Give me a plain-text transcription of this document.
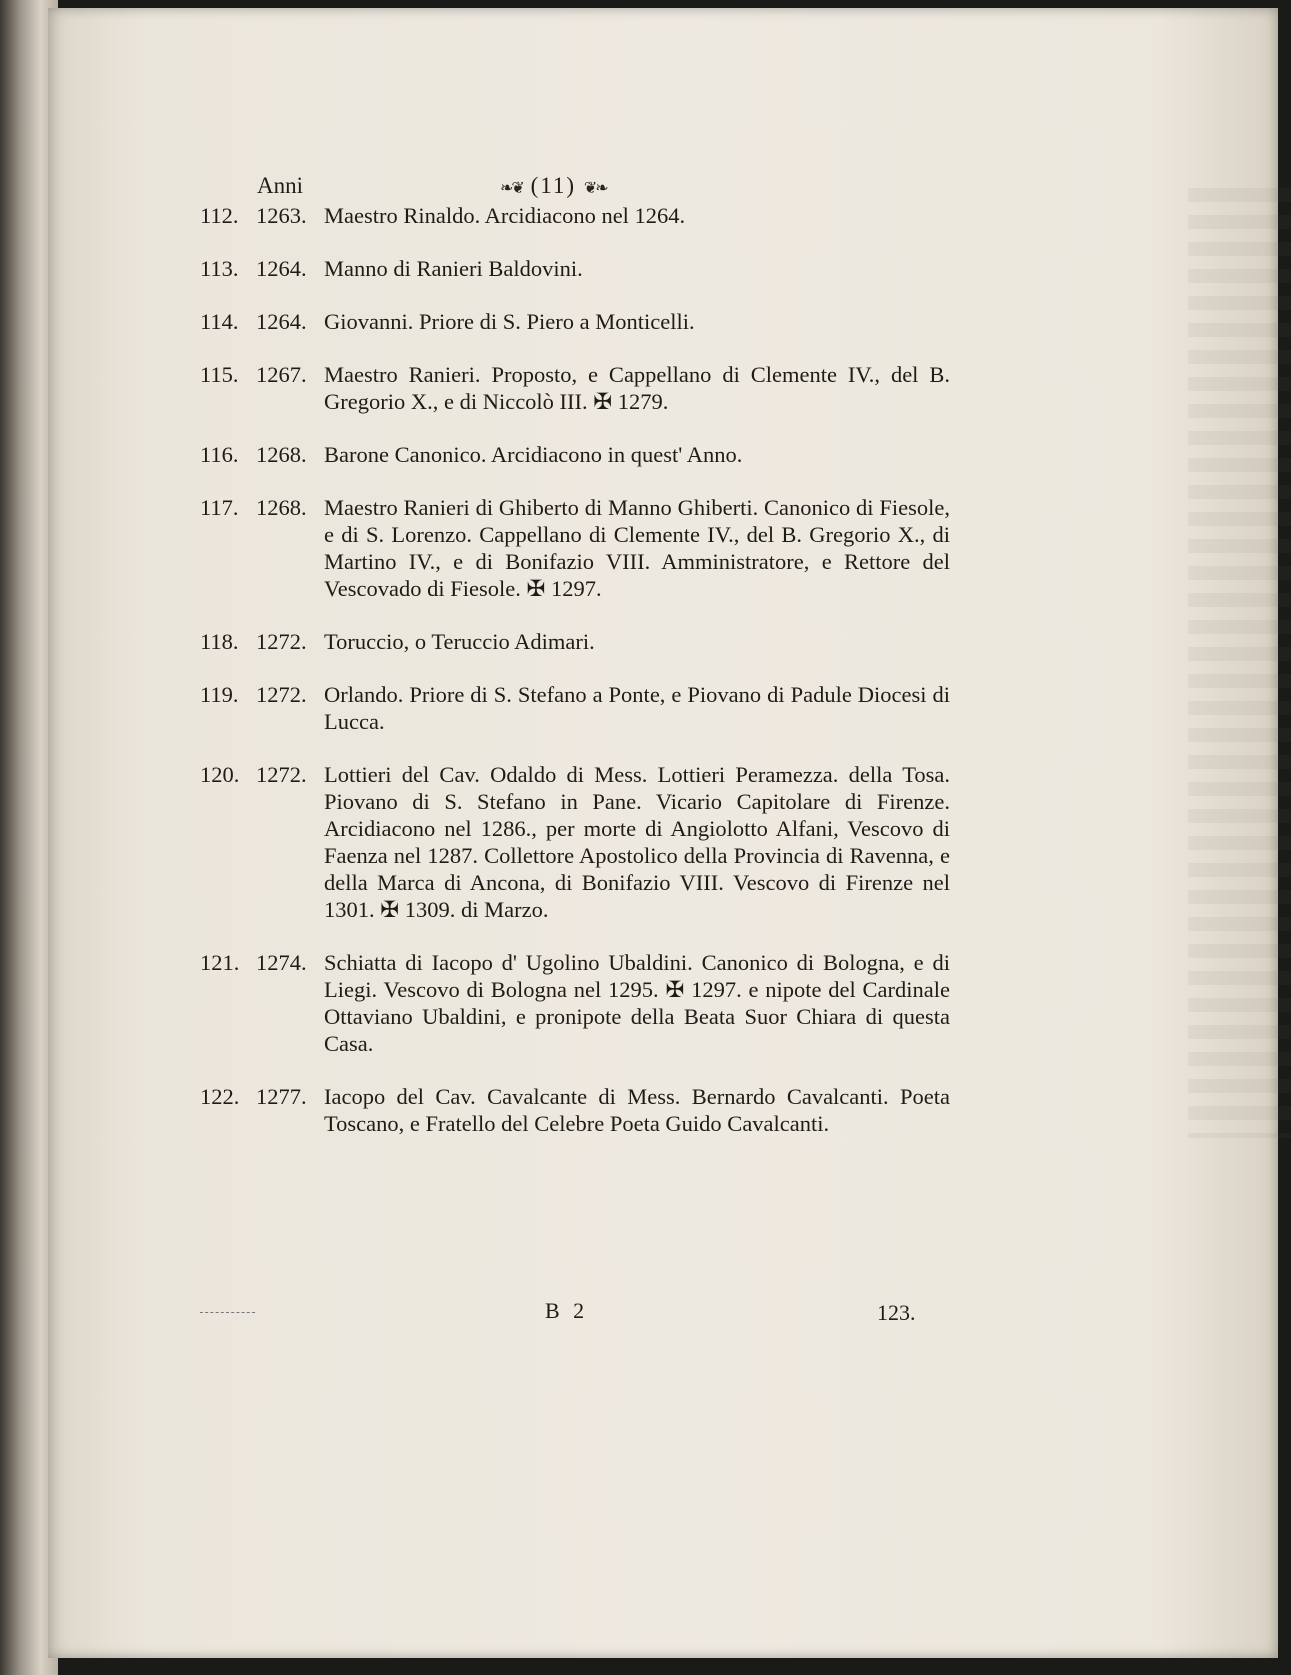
Anni	❧❦ (11) ❦❧
112. 1263. Maestro Rinaldo. Arcidiacono nel 1264.
113. 1264. Manno di Ranieri Baldovini.
114. 1264. Giovanni. Priore di S. Piero a Monticelli.
115. 1267. Maestro Ranieri. Proposto, e Cappellano di Clemente IV., del B. Gregorio X., e di Niccolò III. ✠ 1279.
116. 1268. Barone Canonico. Arcidiacono in quest' Anno.
117. 1268. Maestro Ranieri di Ghiberto di Manno Ghiberti. Canonico di Fiesole, e di S. Lorenzo. Cappellano di Clemente IV., del B. Gregorio X., di Martino IV., e di Bonifazio VIII. Amministratore, e Rettore del Vescovado di Fiesole. ✠ 1297.
118. 1272. Toruccio, o Teruccio Adimari.
119. 1272. Orlando. Priore di S. Stefano a Ponte, e Piovano di Padule Diocesi di Lucca.
120. 1272. Lottieri del Cav. Odaldo di Mess. Lottieri Peramezza. della Tosa. Piovano di S. Stefano in Pane. Vicario Capitolare di Firenze. Arcidiacono nel 1286., per morte di Angiolotto Alfani, Vescovo di Faenza nel 1287. Collettore Apostolico della Provincia di Ravenna, e della Marca di Ancona, di Bonifazio VIII. Vescovo di Firenze nel 1301. ✠ 1309. di Marzo.
121. 1274. Schiatta di Iacopo d' Ugolino Ubaldini. Canonico di Bologna, e di Liegi. Vescovo di Bologna nel 1295. ✠ 1297. e nipote del Cardinale Ottaviano Ubaldini, e pronipote della Beata Suor Chiara di questa Casa.
122. 1277. Iacopo del Cav. Cavalcante di Mess. Bernardo Cavalcanti. Poeta Toscano, e Fratello del Celebre Poeta Guido Cavalcanti.
B 2	123.
